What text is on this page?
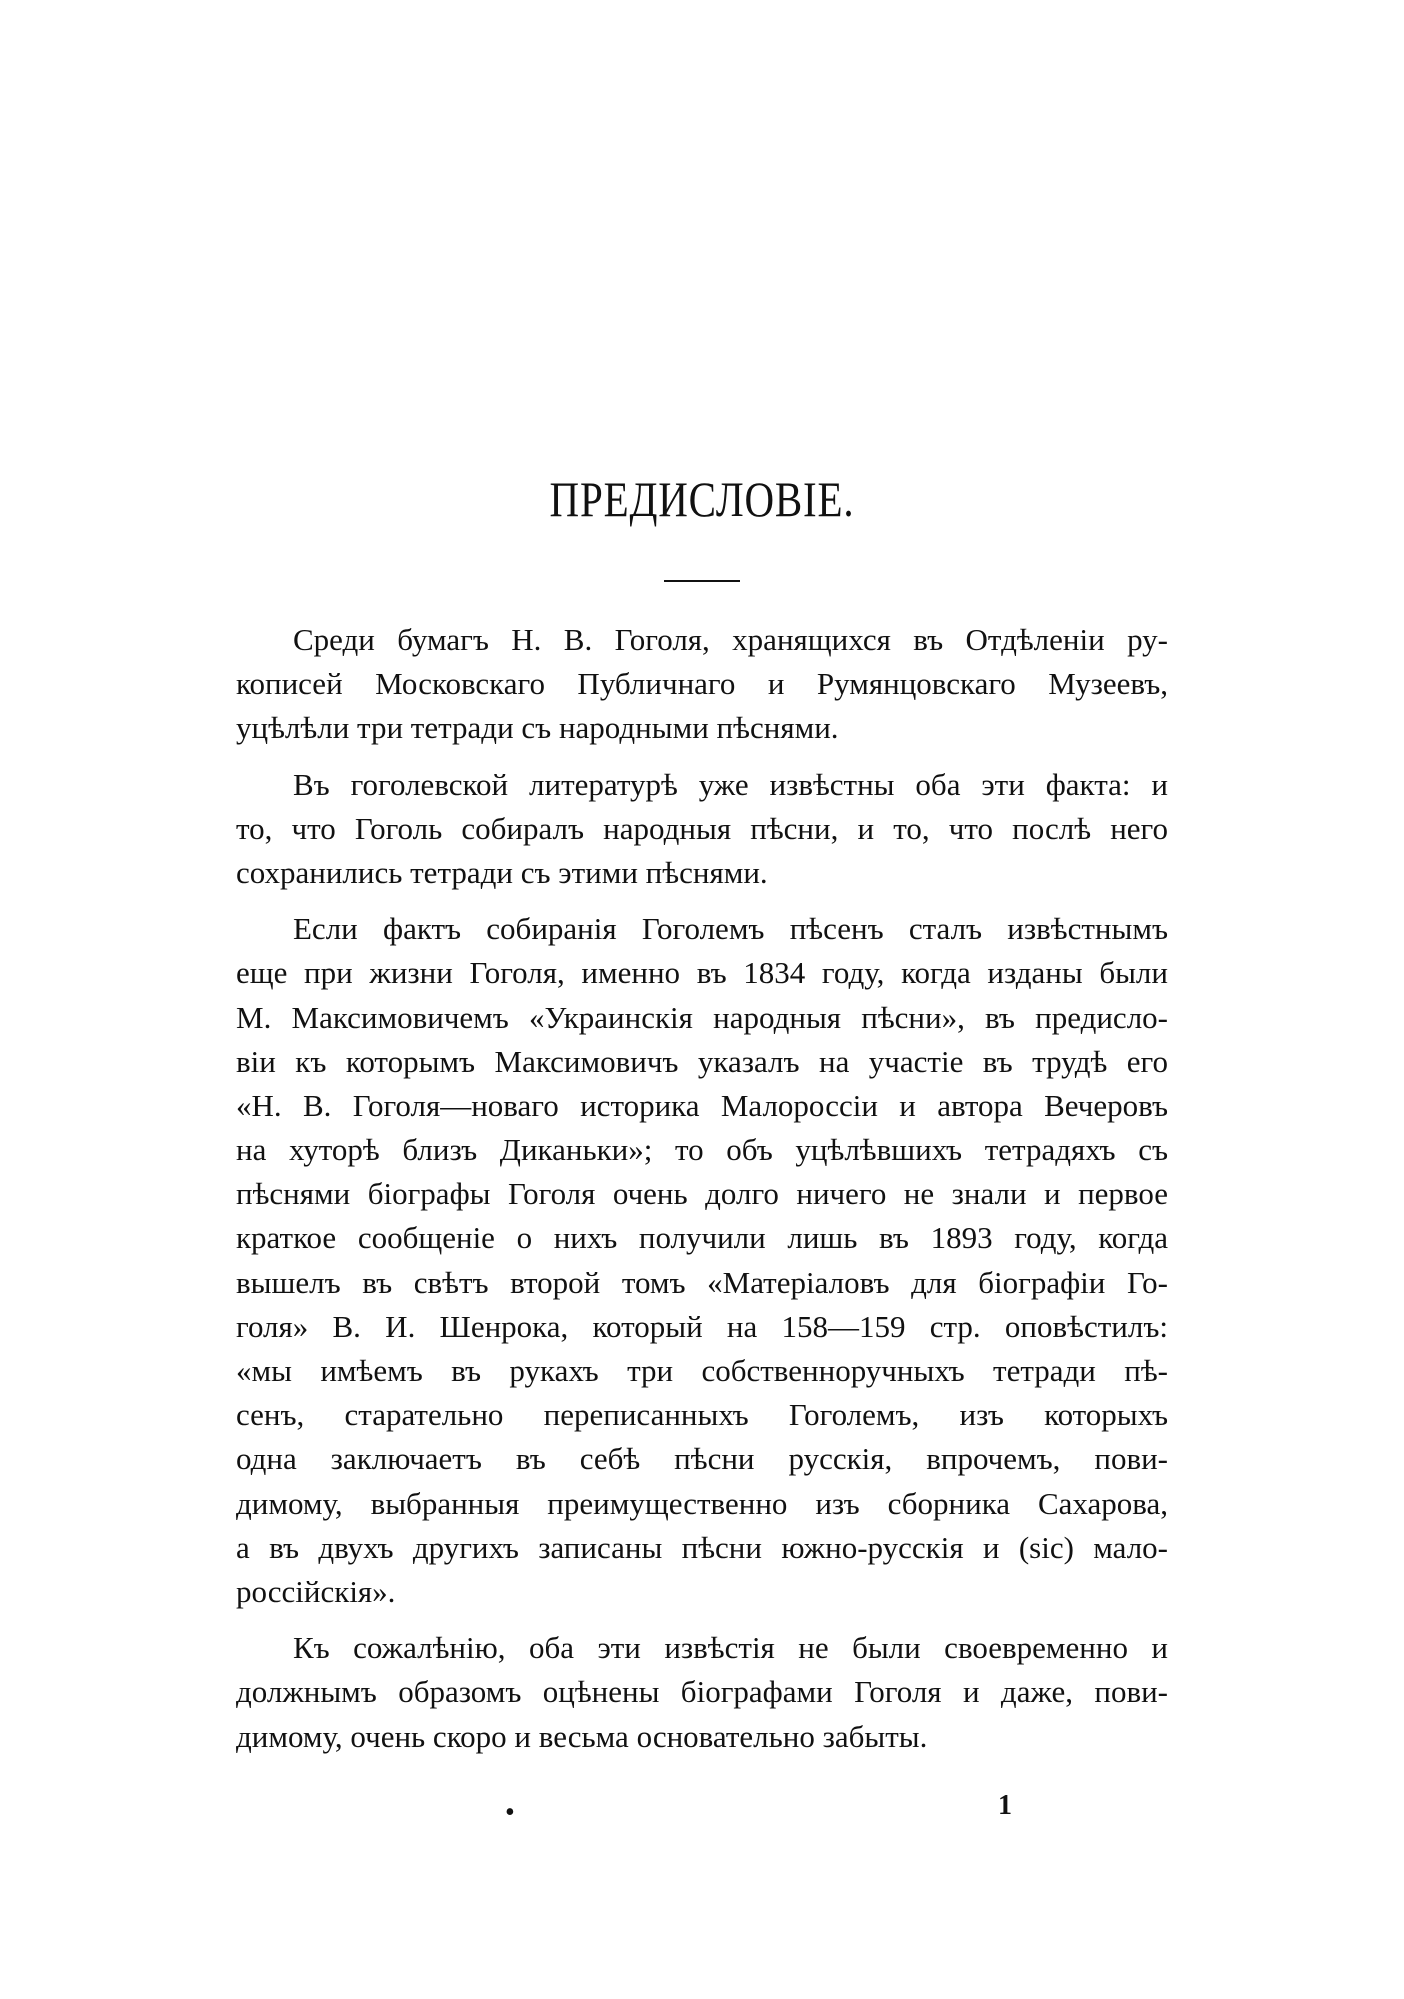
ПРЕДИСЛОВІЕ.
Среди бумагъ Н. В. Гоголя, хранящихся въ Отдѣленіи ру-
кописей Московскаго Публичнаго и Румянцовскаго Музеевъ,
уцѣлѣли три тетради съ народными пѣснями.
Въ гоголевской литературѣ уже извѣстны оба эти факта: и
то, что Гоголь собиралъ народныя пѣсни, и то, что послѣ него
сохранились тетради съ этими пѣснями.
Если фактъ собиранія Гоголемъ пѣсенъ сталъ извѣстнымъ
еще при жизни Гоголя, именно въ 1834 году, когда изданы были
М. Максимовичемъ «Украинскія народныя пѣсни», въ предисло-
віи къ которымъ Максимовичъ указалъ на участіе въ трудѣ его
«Н. В. Гоголя—новаго историка Малороссіи и автора Вечеровъ
на хуторѣ близъ Диканьки»; то объ уцѣлѣвшихъ тетрадяхъ съ
пѣснями біографы Гоголя очень долго ничего не знали и первое
краткое сообщеніе о нихъ получили лишь въ 1893 году, когда
вышелъ въ свѣтъ второй томъ «Матеріаловъ для біографіи Го-
голя» В. И. Шенрока, который на 158—159 стр. оповѣстилъ:
«мы имѣемъ въ рукахъ три собственноручныхъ тетради пѣ-
сенъ, старательно переписанныхъ Гоголемъ, изъ которыхъ
одна заключаетъ въ себѣ пѣсни русскія, впрочемъ, пови-
димому, выбранныя преимущественно изъ сборника Сахарова,
а въ двухъ другихъ записаны пѣсни южно-русскія и (sic) мало-
россійскія».
Къ сожалѣнію, оба эти извѣстія не были своевременно и
должнымъ образомъ оцѣнены біографами Гоголя и даже, пови-
димому, очень скоро и весьма основательно забыты.
•	1
